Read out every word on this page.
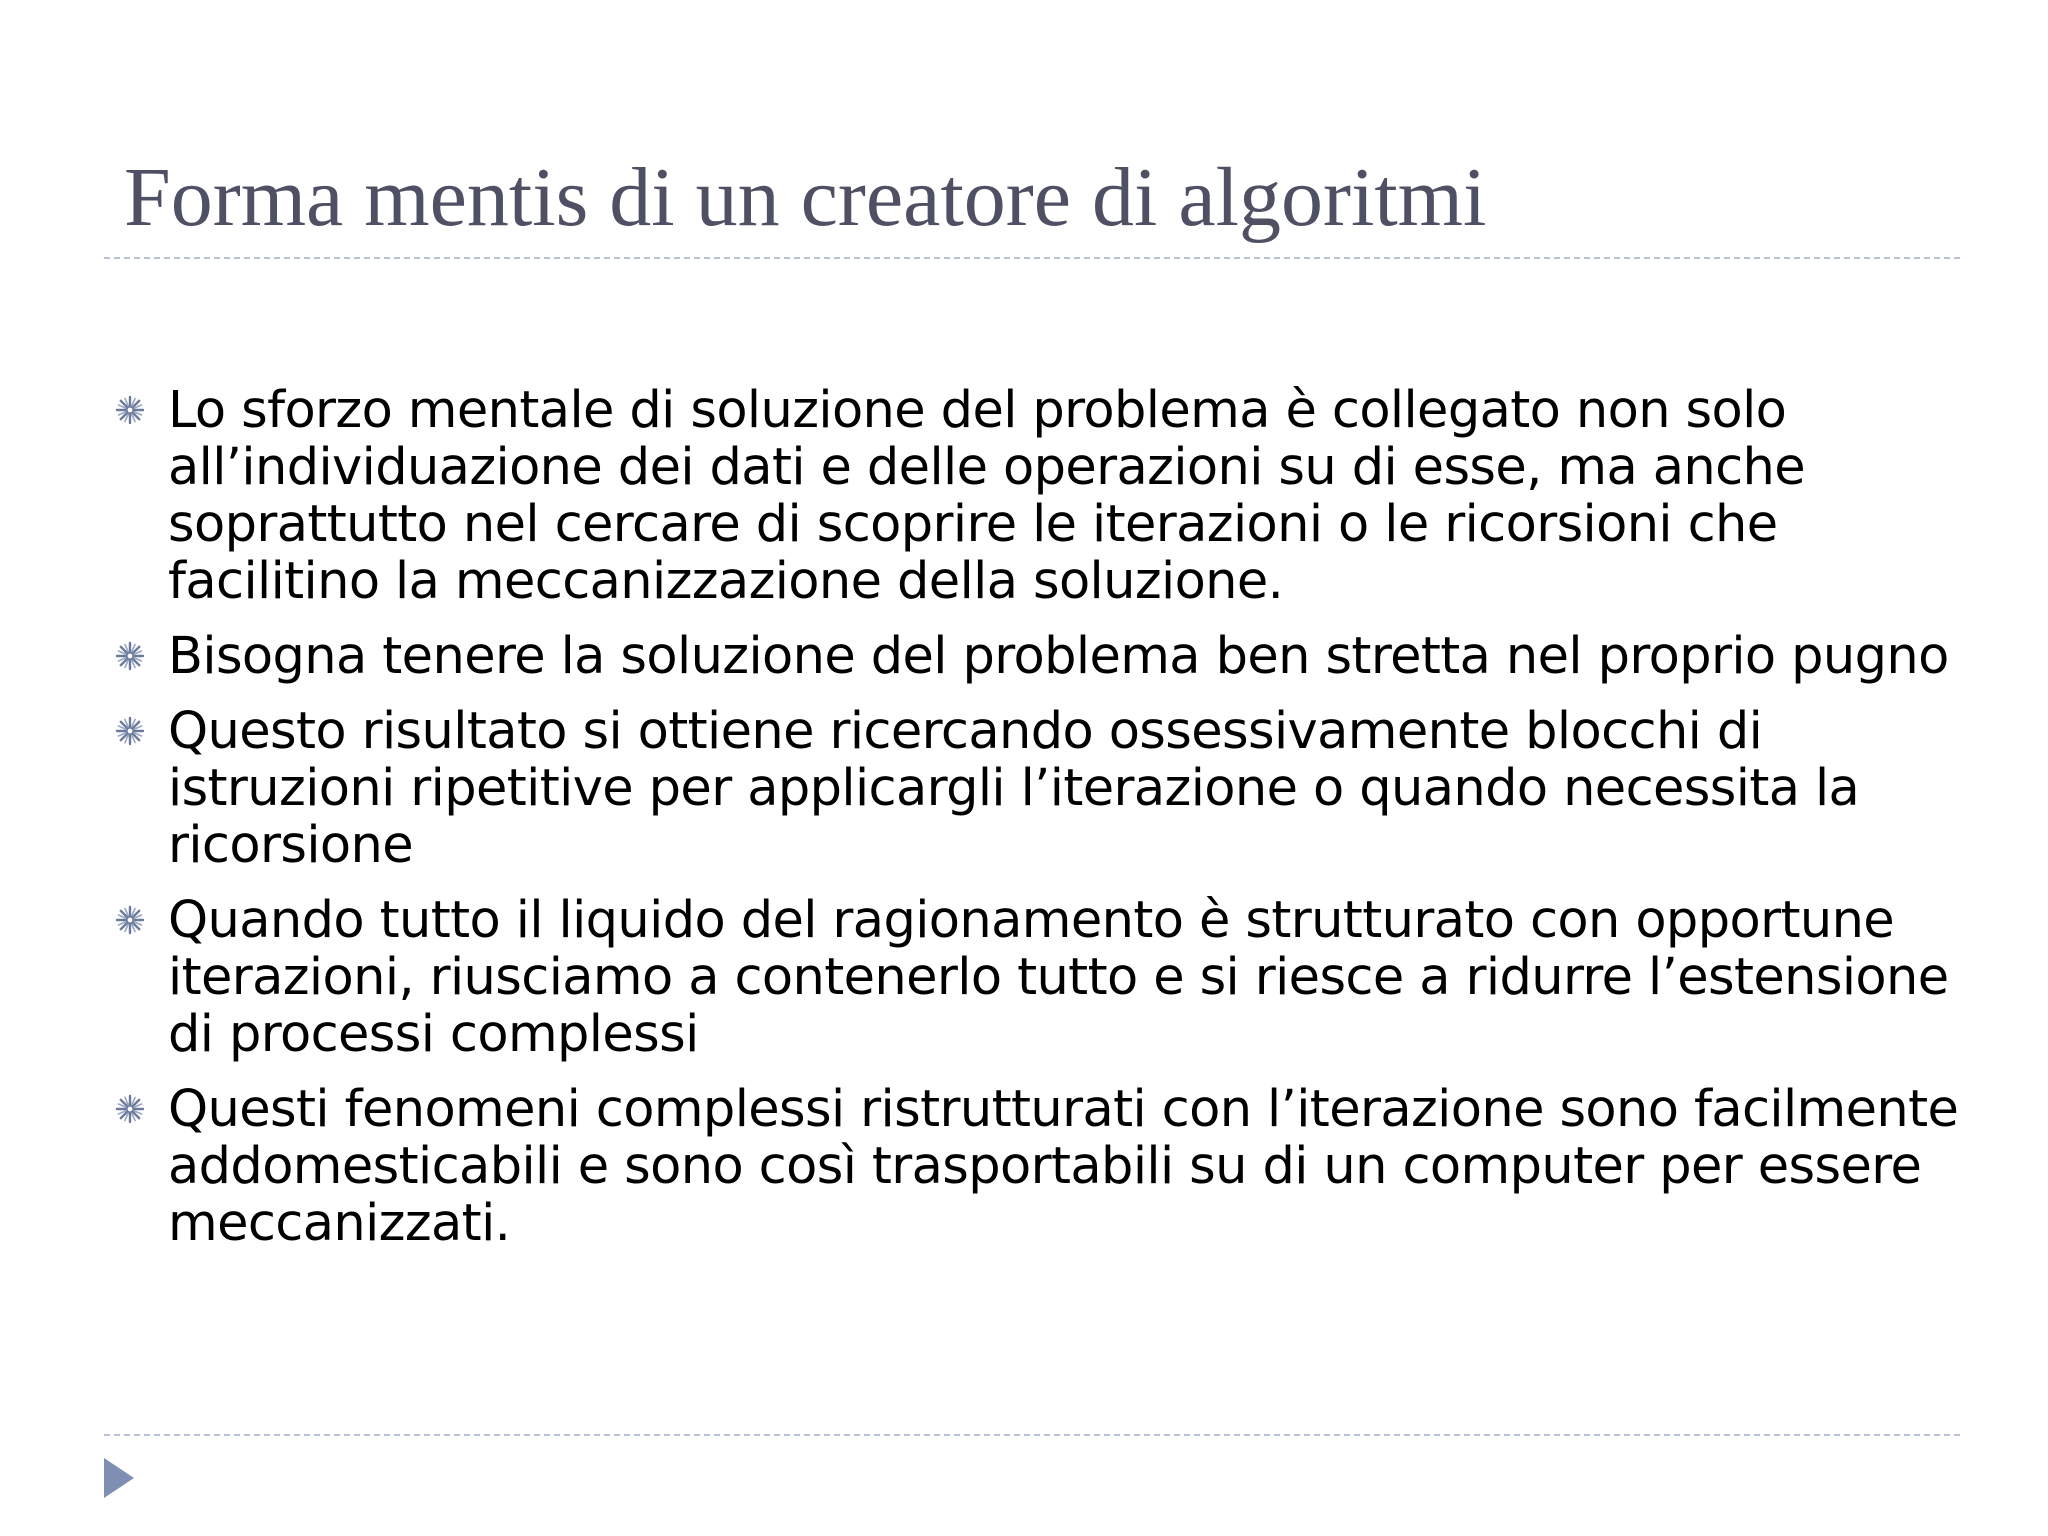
Forma mentis di un creatore di algoritmi
Lo sforzo mentale di soluzione del problema è collegato non solo all’individuazione dei dati e delle operazioni su di esse, ma anche soprattutto nel cercare di scoprire le iterazioni o le ricorsioni che facilitino la meccanizzazione della soluzione.
Bisogna tenere la soluzione del problema ben stretta nel proprio pugno
Questo risultato si ottiene ricercando ossessivamente blocchi di istruzioni ripetitive per applicargli l’iterazione o quando necessita la ricorsione
Quando tutto il liquido del ragionamento è strutturato con opportune iterazioni, riusciamo a contenerlo tutto e si riesce a ridurre l’estensione di processi complessi
Questi fenomeni complessi ristrutturati con l’iterazione sono facilmente addomesticabili e sono così trasportabili su di un computer per essere meccanizzati.
